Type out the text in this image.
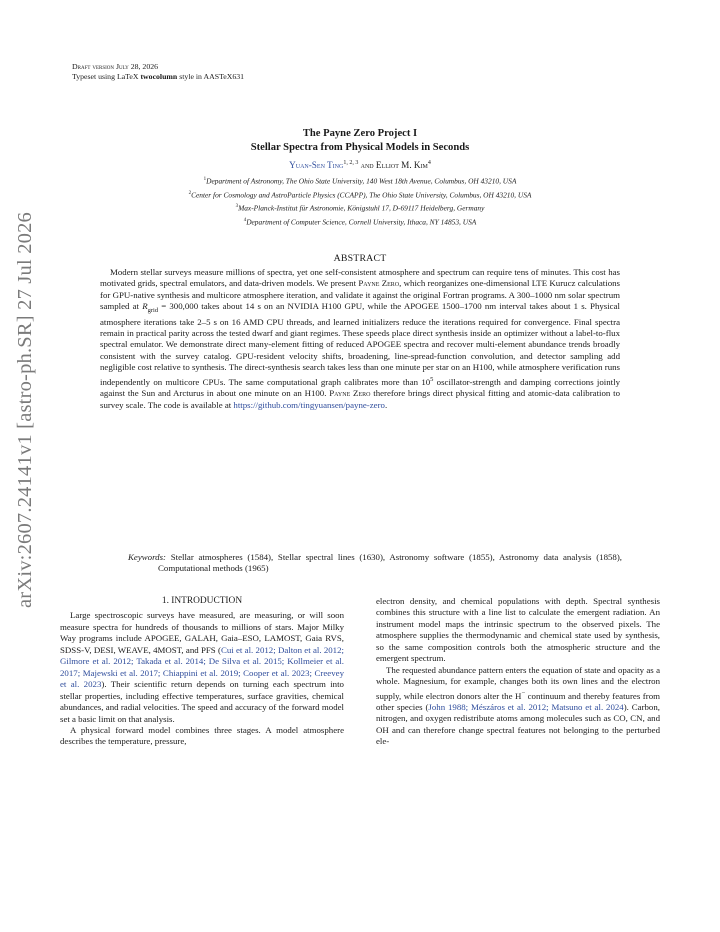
arXiv:2607.24141v1 [astro-ph.SR] 27 Jul 2026
Draft version July 28, 2026
Typeset using LaTeX twocolumn style in AASTeX631
The Payne Zero Project I
Stellar Spectra from Physical Models in Seconds
Yuan-Sen Ting$^{1, 2, 3}$ and Elliot M. Kim$^4$
$^1$Department of Astronomy, The Ohio State University, 140 West 18th Avenue, Columbus, OH 43210, USA
$^2$Center for Cosmology and AstroParticle Physics (CCAPP), The Ohio State University, Columbus, OH 43210, USA
$^3$Max-Planck-Institut für Astronomie, Königstuhl 17, D-69117 Heidelberg, Germany
$^4$Department of Computer Science, Cornell University, Ithaca, NY 14853, USA
ABSTRACT

Modern stellar surveys measure millions of spectra, yet one self-consistent atmosphere and spectrum can require tens of minutes. This cost has motivated grids, spectral emulators, and data-driven models. We present Payne Zero, which reorganizes one-dimensional LTE Kurucz calculations for GPU-native synthesis and multicore atmosphere iteration, and validate it against the original Fortran programs. A 300–1000 nm solar spectrum sampled at $R_{grid} = 300,000$ takes about 14 s on an NVIDIA H100 GPU, while the APOGEE 1500–1700 nm interval takes about 1 s. Physical atmosphere iterations take 2–5 s on 16 AMD CPU threads, and learned initializers reduce the iterations required for convergence. Final spectra remain in practical parity across the tested dwarf and giant regimes. These speeds place direct synthesis inside an optimizer without a label-to-flux spectral emulator. We demonstrate direct many-element fitting of reduced APOGEE spectra and recover multi-element abundance trends broadly consistent with the survey catalog. GPU-resident velocity shifts, broadening, line-spread-function convolution, and detector sampling add negligible cost relative to synthesis. The direct-synthesis search takes less than one minute per star on an H100, while atmosphere verification runs independently on multicore CPUs. The same computational graph calibrates more than $10^5$ oscillator-strength and damping corrections jointly against the Sun and Arcturus in about one minute on an H100. Payne Zero therefore brings direct physical fitting and atomic-data calibration to survey scale. The code is available at https://github.com/tingyuansen/payne-zero.

Keywords: Stellar atmospheres (1584), Stellar spectral lines (1630), Astronomy software (1855), Astronomy data analysis (1858), Computational methods (1965)
1. INTRODUCTION

Large spectroscopic surveys have measured, are measuring, or will soon measure spectra for hundreds of thousands to millions of stars. Major Milky Way programs include APOGEE, GALAH, Gaia–ESO, LAMOST, Gaia RVS, SDSS-V, DESI, WEAVE, 4MOST, and PFS (Cui et al. 2012; Dalton et al. 2012; Gilmore et al. 2012; Takada et al. 2014; De Silva et al. 2015; Kollmeier et al. 2017; Majewski et al. 2017; Chiappini et al. 2019; Cooper et al. 2023; Creevey et al. 2023). Their scientific return depends on turning each spectrum into stellar properties, including effective temperatures, surface gravities, chemical abundances, and radial velocities. The speed and accuracy of the forward model set a basic limit on that analysis.

A physical forward model combines three stages. A model atmosphere describes the temperature, pressure,

electron density, and chemical populations with depth. Spectral synthesis combines this structure with a line list to calculate the emergent radiation. An instrument model maps the intrinsic spectrum to the observed pixels. The atmosphere supplies the thermodynamic and chemical state used by synthesis, so the same composition controls both the atmospheric structure and the emergent spectrum.

The requested abundance pattern enters the equation of state and opacity as a whole. Magnesium, for example, changes both its own lines and the electron supply, while electron donors alter the H− continuum and thereby features from other species (John 1988; Mészáros et al. 2012; Matsuno et al. 2024). Carbon, nitrogen, and oxygen redistribute atoms among molecules such as CO, CN, and OH and can therefore change spectral features not belonging to the perturbed ele-
